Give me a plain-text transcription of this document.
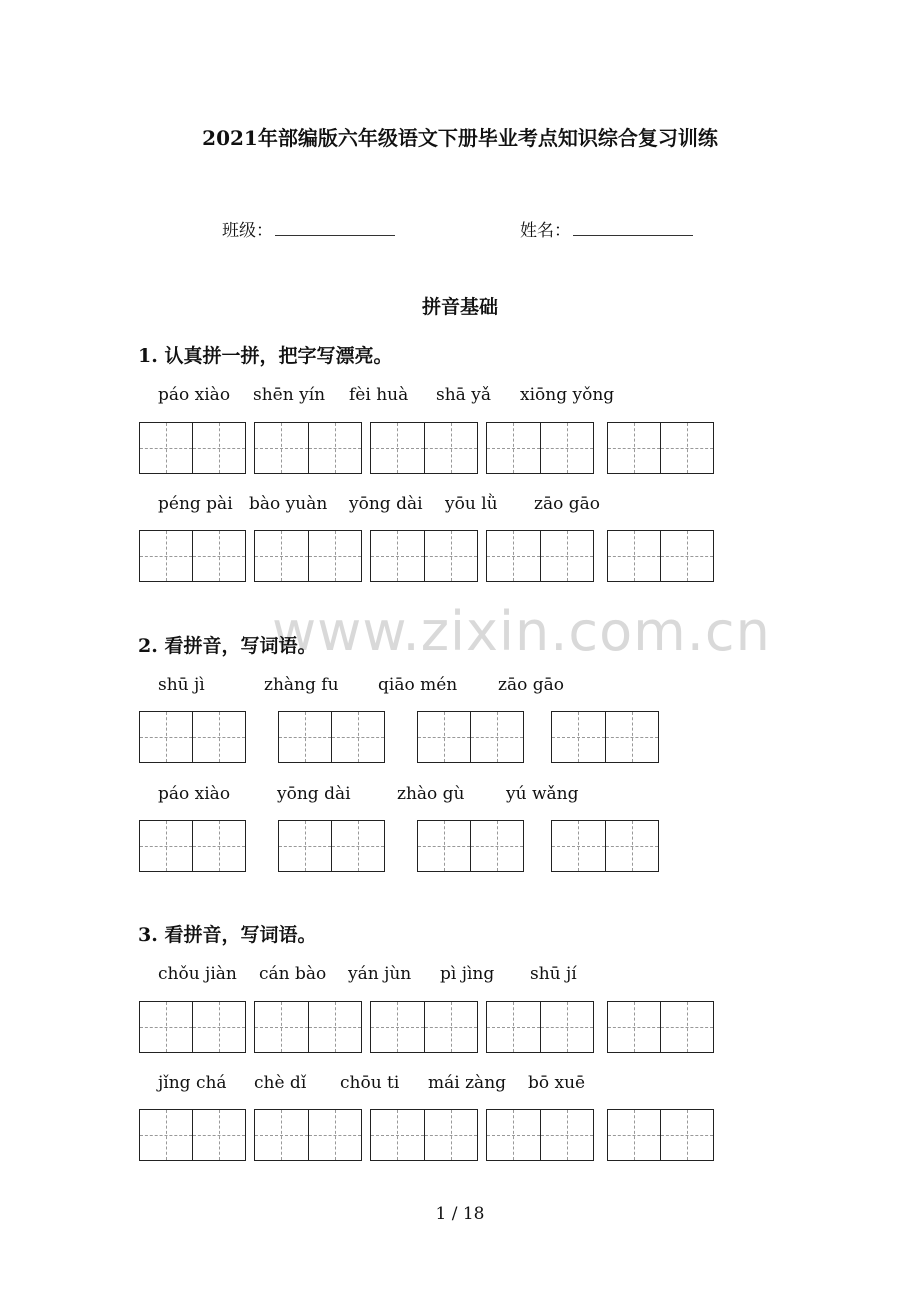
2021年部编版六年级语文下册毕业考点知识综合复习训练
班级：	姓名：
拼音基础
1. 认真拼一拼，把字写漂亮。
páo xiào shēn yín fèi huà shā yǎ xiōng yǒng
péng pài bào yuàn yōng dài yōu lǜ zāo gāo
www.zixin.com.cn
2. 看拼音，写词语。
shū jì	zhàng fu qiāo mén zāo gāo
páo xiào	yōng dài	zhào gù yú wǎng
3. 看拼音，写词语。
chǒu jiàn cán bào yán jùn pì jìng shū jí
jǐng chá chè dǐ chōu ti mái zàng bō xuē
1 / 18
